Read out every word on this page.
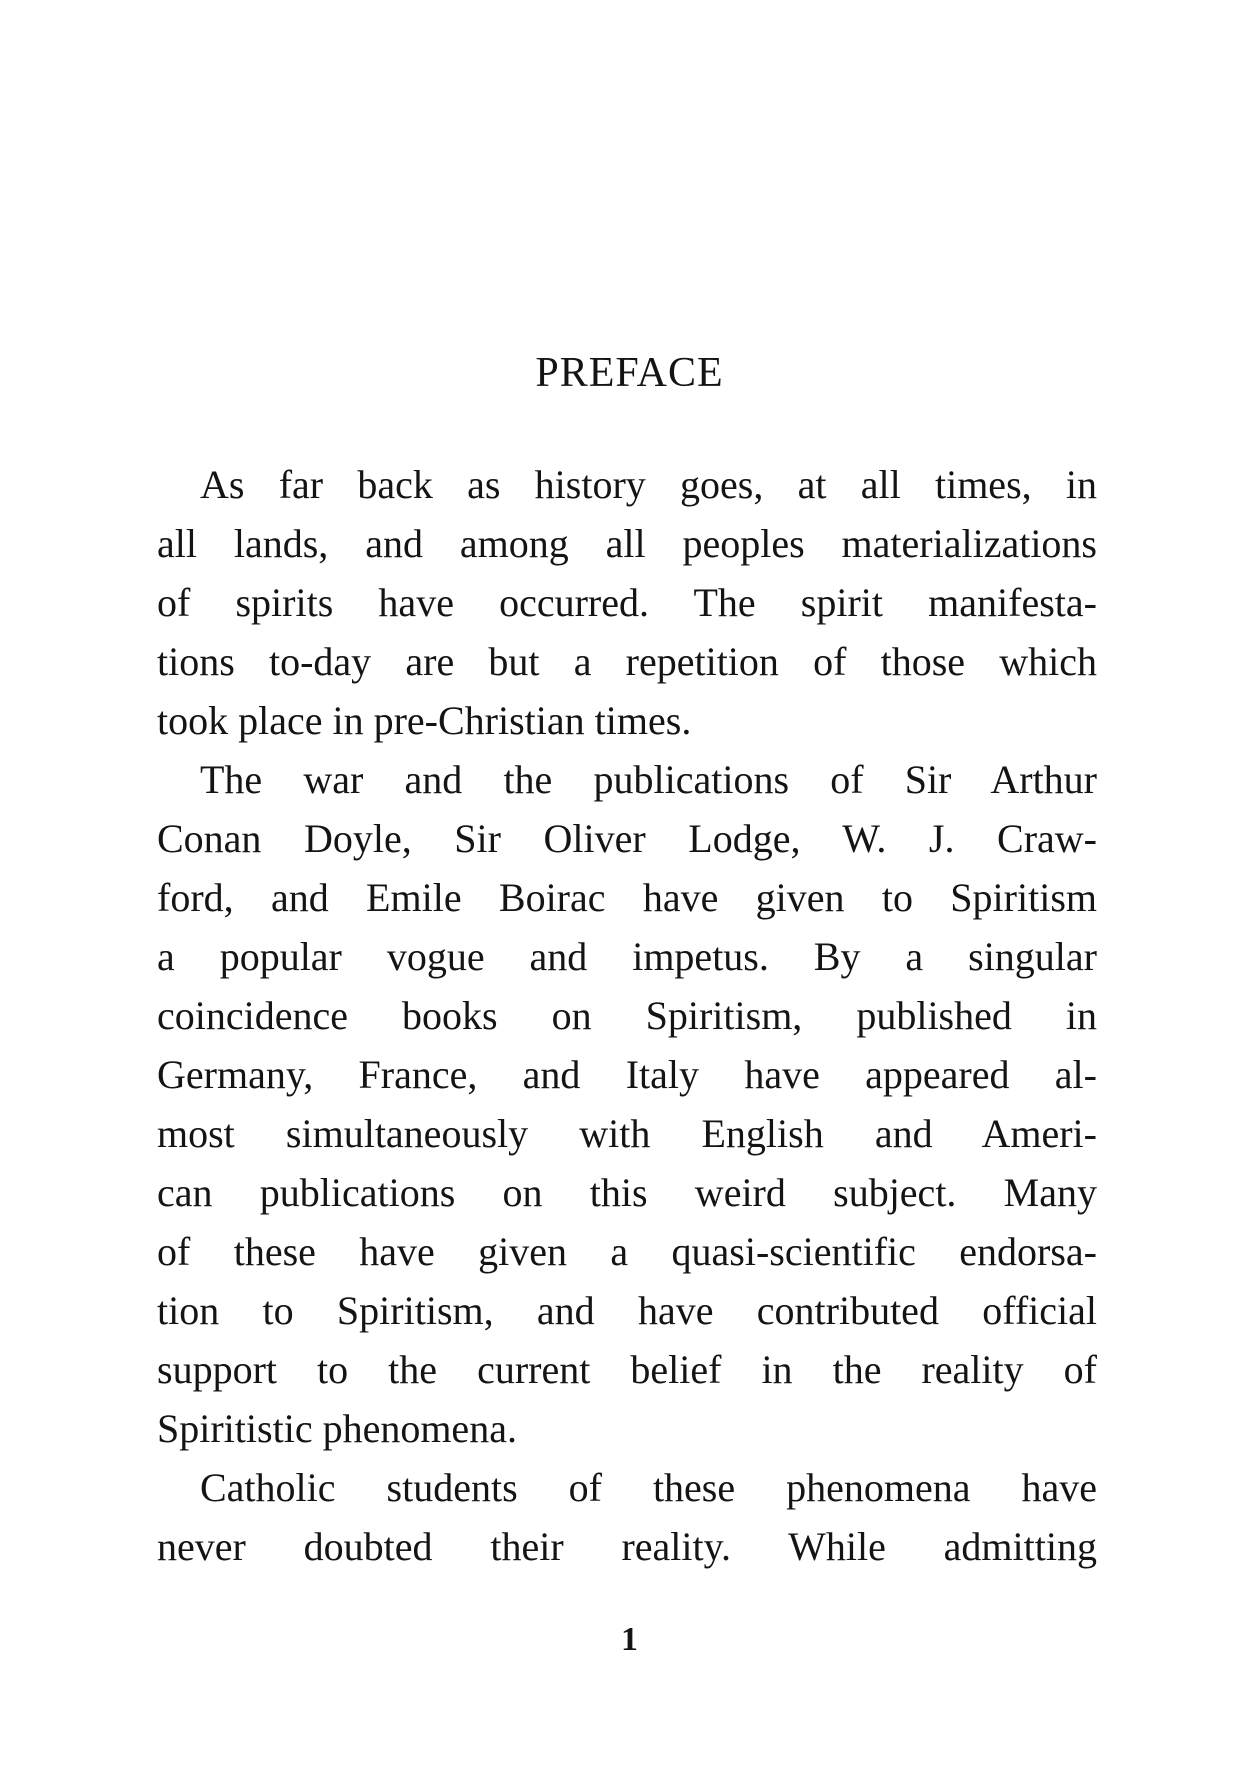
PREFACE
As far back as history goes, at all times, in
all lands, and among all peoples materializations
of spirits have occurred. The spirit manifesta-
tions to-day are but a repetition of those which
took place in pre-Christian times.
The war and the publications of Sir Arthur
Conan Doyle, Sir Oliver Lodge, W. J. Craw-
ford, and Emile Boirac have given to Spiritism
a popular vogue and impetus. By a singular
coincidence books on Spiritism, published in
Germany, France, and Italy have appeared al-
most simultaneously with English and Ameri-
can publications on this weird subject. Many
of these have given a quasi-scientific endorsa-
tion to Spiritism, and have contributed official
support to the current belief in the reality of
Spiritistic phenomena.
Catholic students of these phenomena have
never doubted their reality. While admitting
1
